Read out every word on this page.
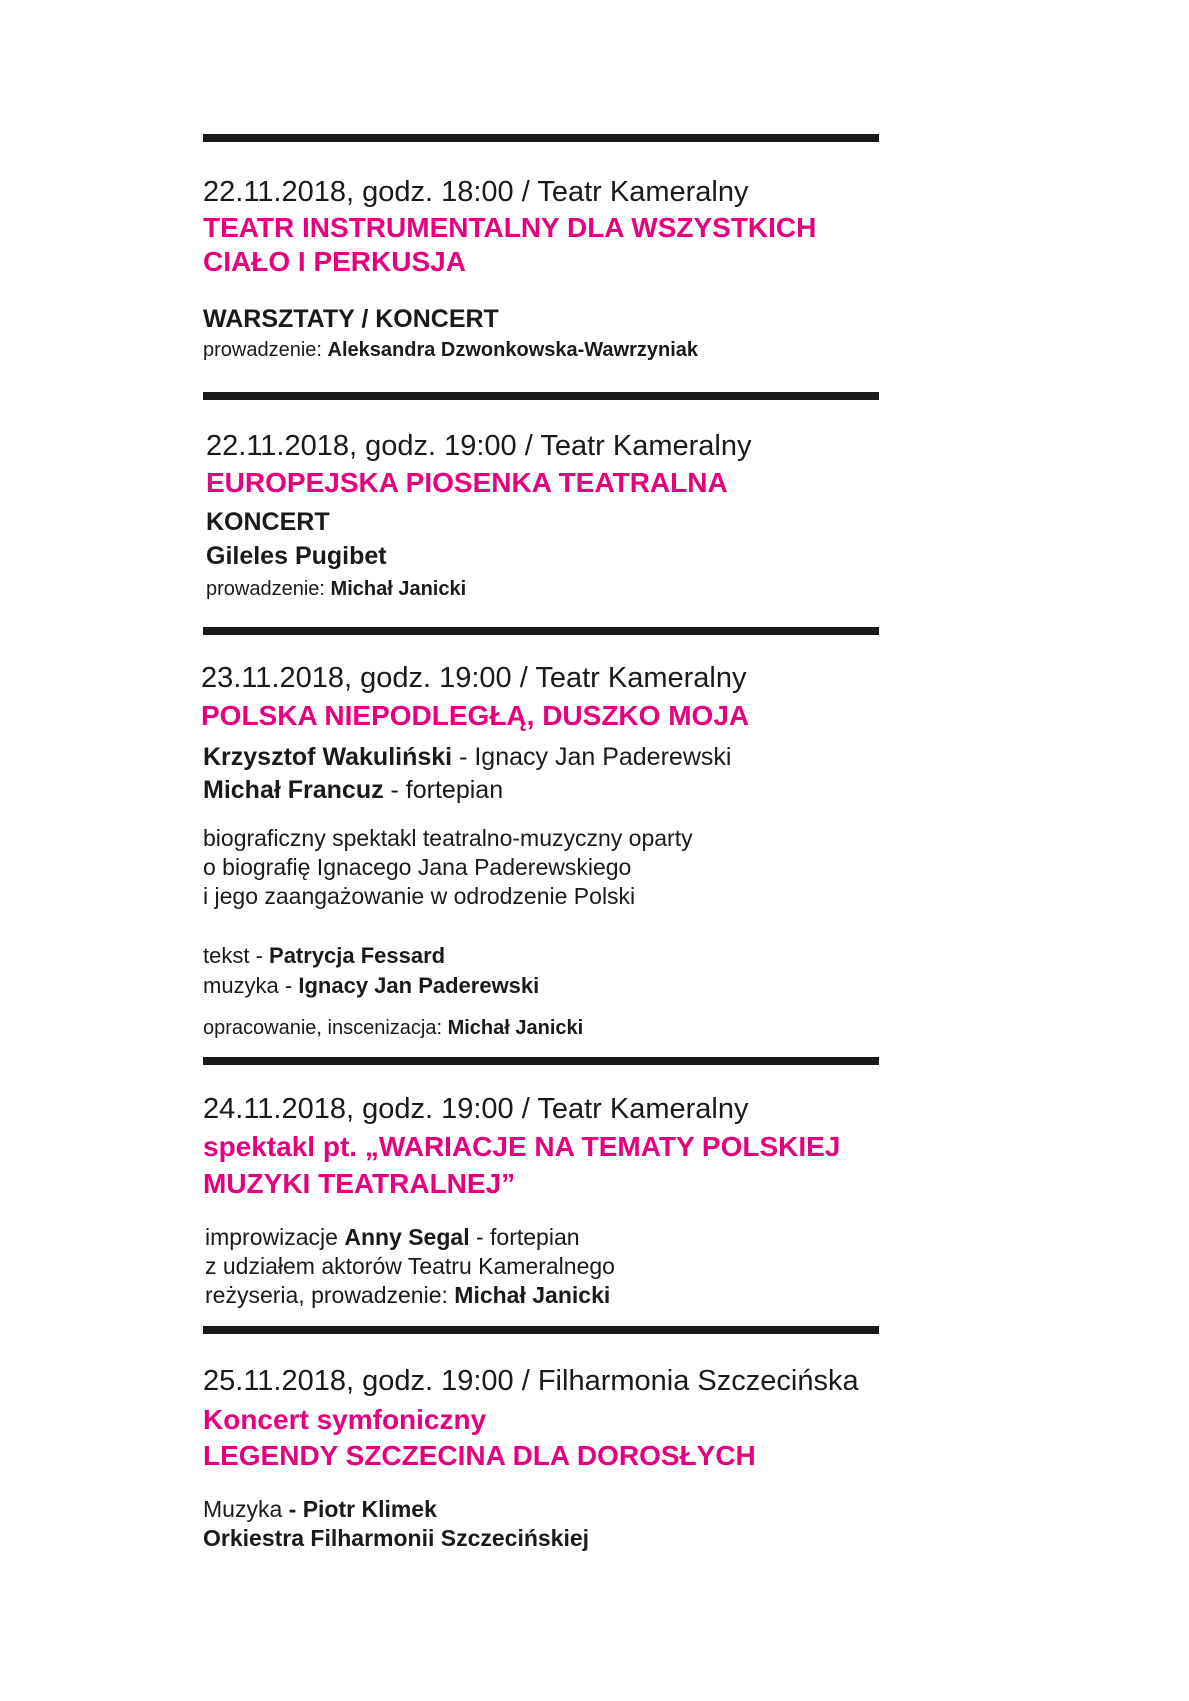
22.11.2018, godz. 18:00 / Teatr Kameralny
TEATR INSTRUMENTALNY DLA WSZYSTKICH
CIAŁO I PERKUSJA
WARSZTATY / KONCERT
prowadzenie: Aleksandra Dzwonkowska-Wawrzyniak
22.11.2018, godz. 19:00 / Teatr Kameralny
EUROPEJSKA PIOSENKA TEATRALNA
KONCERT
Gileles Pugibet
prowadzenie: Michał Janicki
23.11.2018, godz. 19:00 / Teatr Kameralny
POLSKA NIEPODLEGŁĄ, DUSZKO MOJA
Krzysztof Wakuliński - Ignacy Jan Paderewski
Michał Francuz - fortepian
biograficzny spektakl teatralno-muzyczny oparty
o biografię Ignacego Jana Paderewskiego
i jego zaangażowanie w odrodzenie Polski
tekst - Patrycja Fessard
muzyka - Ignacy Jan Paderewski
opracowanie, inscenizacja: Michał Janicki
24.11.2018, godz. 19:00 / Teatr Kameralny
spektakl pt. „WARIACJE NA TEMATY POLSKIEJ
MUZYKI TEATRALNEJ”
improwizacje Anny Segal - fortepian
z udziałem aktorów Teatru Kameralnego
reżyseria, prowadzenie: Michał Janicki
25.11.2018, godz. 19:00 / Filharmonia Szczecińska
Koncert symfoniczny
LEGENDY SZCZECINA DLA DOROSŁYCH
Muzyka - Piotr Klimek
Orkiestra Filharmonii Szczecińskiej
